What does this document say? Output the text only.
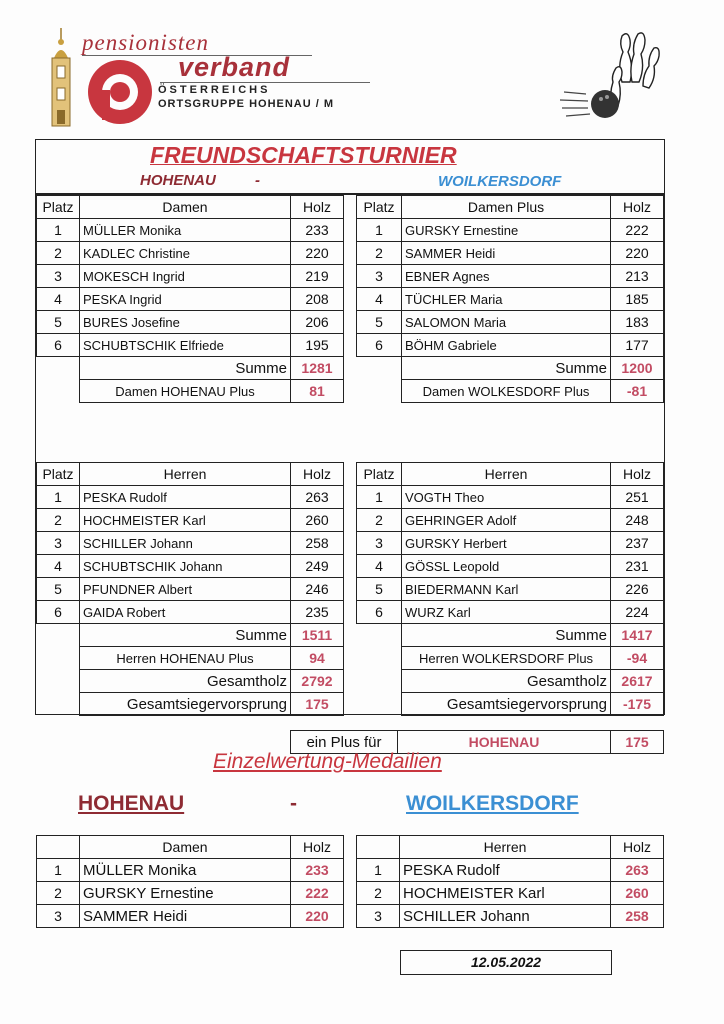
pensionisten
verband
ÖSTERREICHS
ORTSGRUPPE HOHENAU / M
FREUNDSCHAFTSTURNIER
HOHENAU	-	WOILKERSDORF
Platz	Damen	Holz
1	MÜLLER Monika	233
2	KADLEC Christine	220
3	MOKESCH Ingrid	219
4	PESKA Ingrid	208
5	BURES Josefine	206
6	SCHUBTSCHIK Elfriede	195
	Summe	1281
	Damen HOHENAU Plus	81
Platz	Damen Plus	Holz
1	GURSKY Ernestine	222
2	SAMMER Heidi	220
3	EBNER Agnes	213
4	TÜCHLER Maria	185
5	SALOMON Maria	183
6	BÖHM Gabriele	177
	Summe	1200
	Damen WOLKESDORF Plus	-81
Platz	Herren	Holz
1	PESKA Rudolf	263
2	HOCHMEISTER Karl	260
3	SCHILLER Johann	258
4	SCHUBTSCHIK Johann	249
5	PFUNDNER Albert	246
6	GAIDA Robert	235
	Summe	1511
	Herren HOHENAU Plus	94
	Gesamtholz	2792
	Gesamtsiegervorsprung	175
Platz	Herren	Holz
1	VOGTH Theo	251
2	GEHRINGER Adolf	248
3	GURSKY Herbert	237
4	GÖSSL Leopold	231
5	BIEDERMANN Karl	226
6	WURZ Karl	224
	Summe	1417
	Herren WOLKERSDORF Plus	-94
	Gesamtholz	2617
	Gesamtsiegervorsprung	-175
ein Plus für	HOHENAU	175
Einzelwertung-Medailien
HOHENAU	-	WOILKERSDORF
	Damen	Holz
1	MÜLLER Monika	233
2	GURSKY Ernestine	222
3	SAMMER Heidi	220
	Herren	Holz
1	PESKA Rudolf	263
2	HOCHMEISTER Karl	260
3	SCHILLER Johann	258
12.05.2022
